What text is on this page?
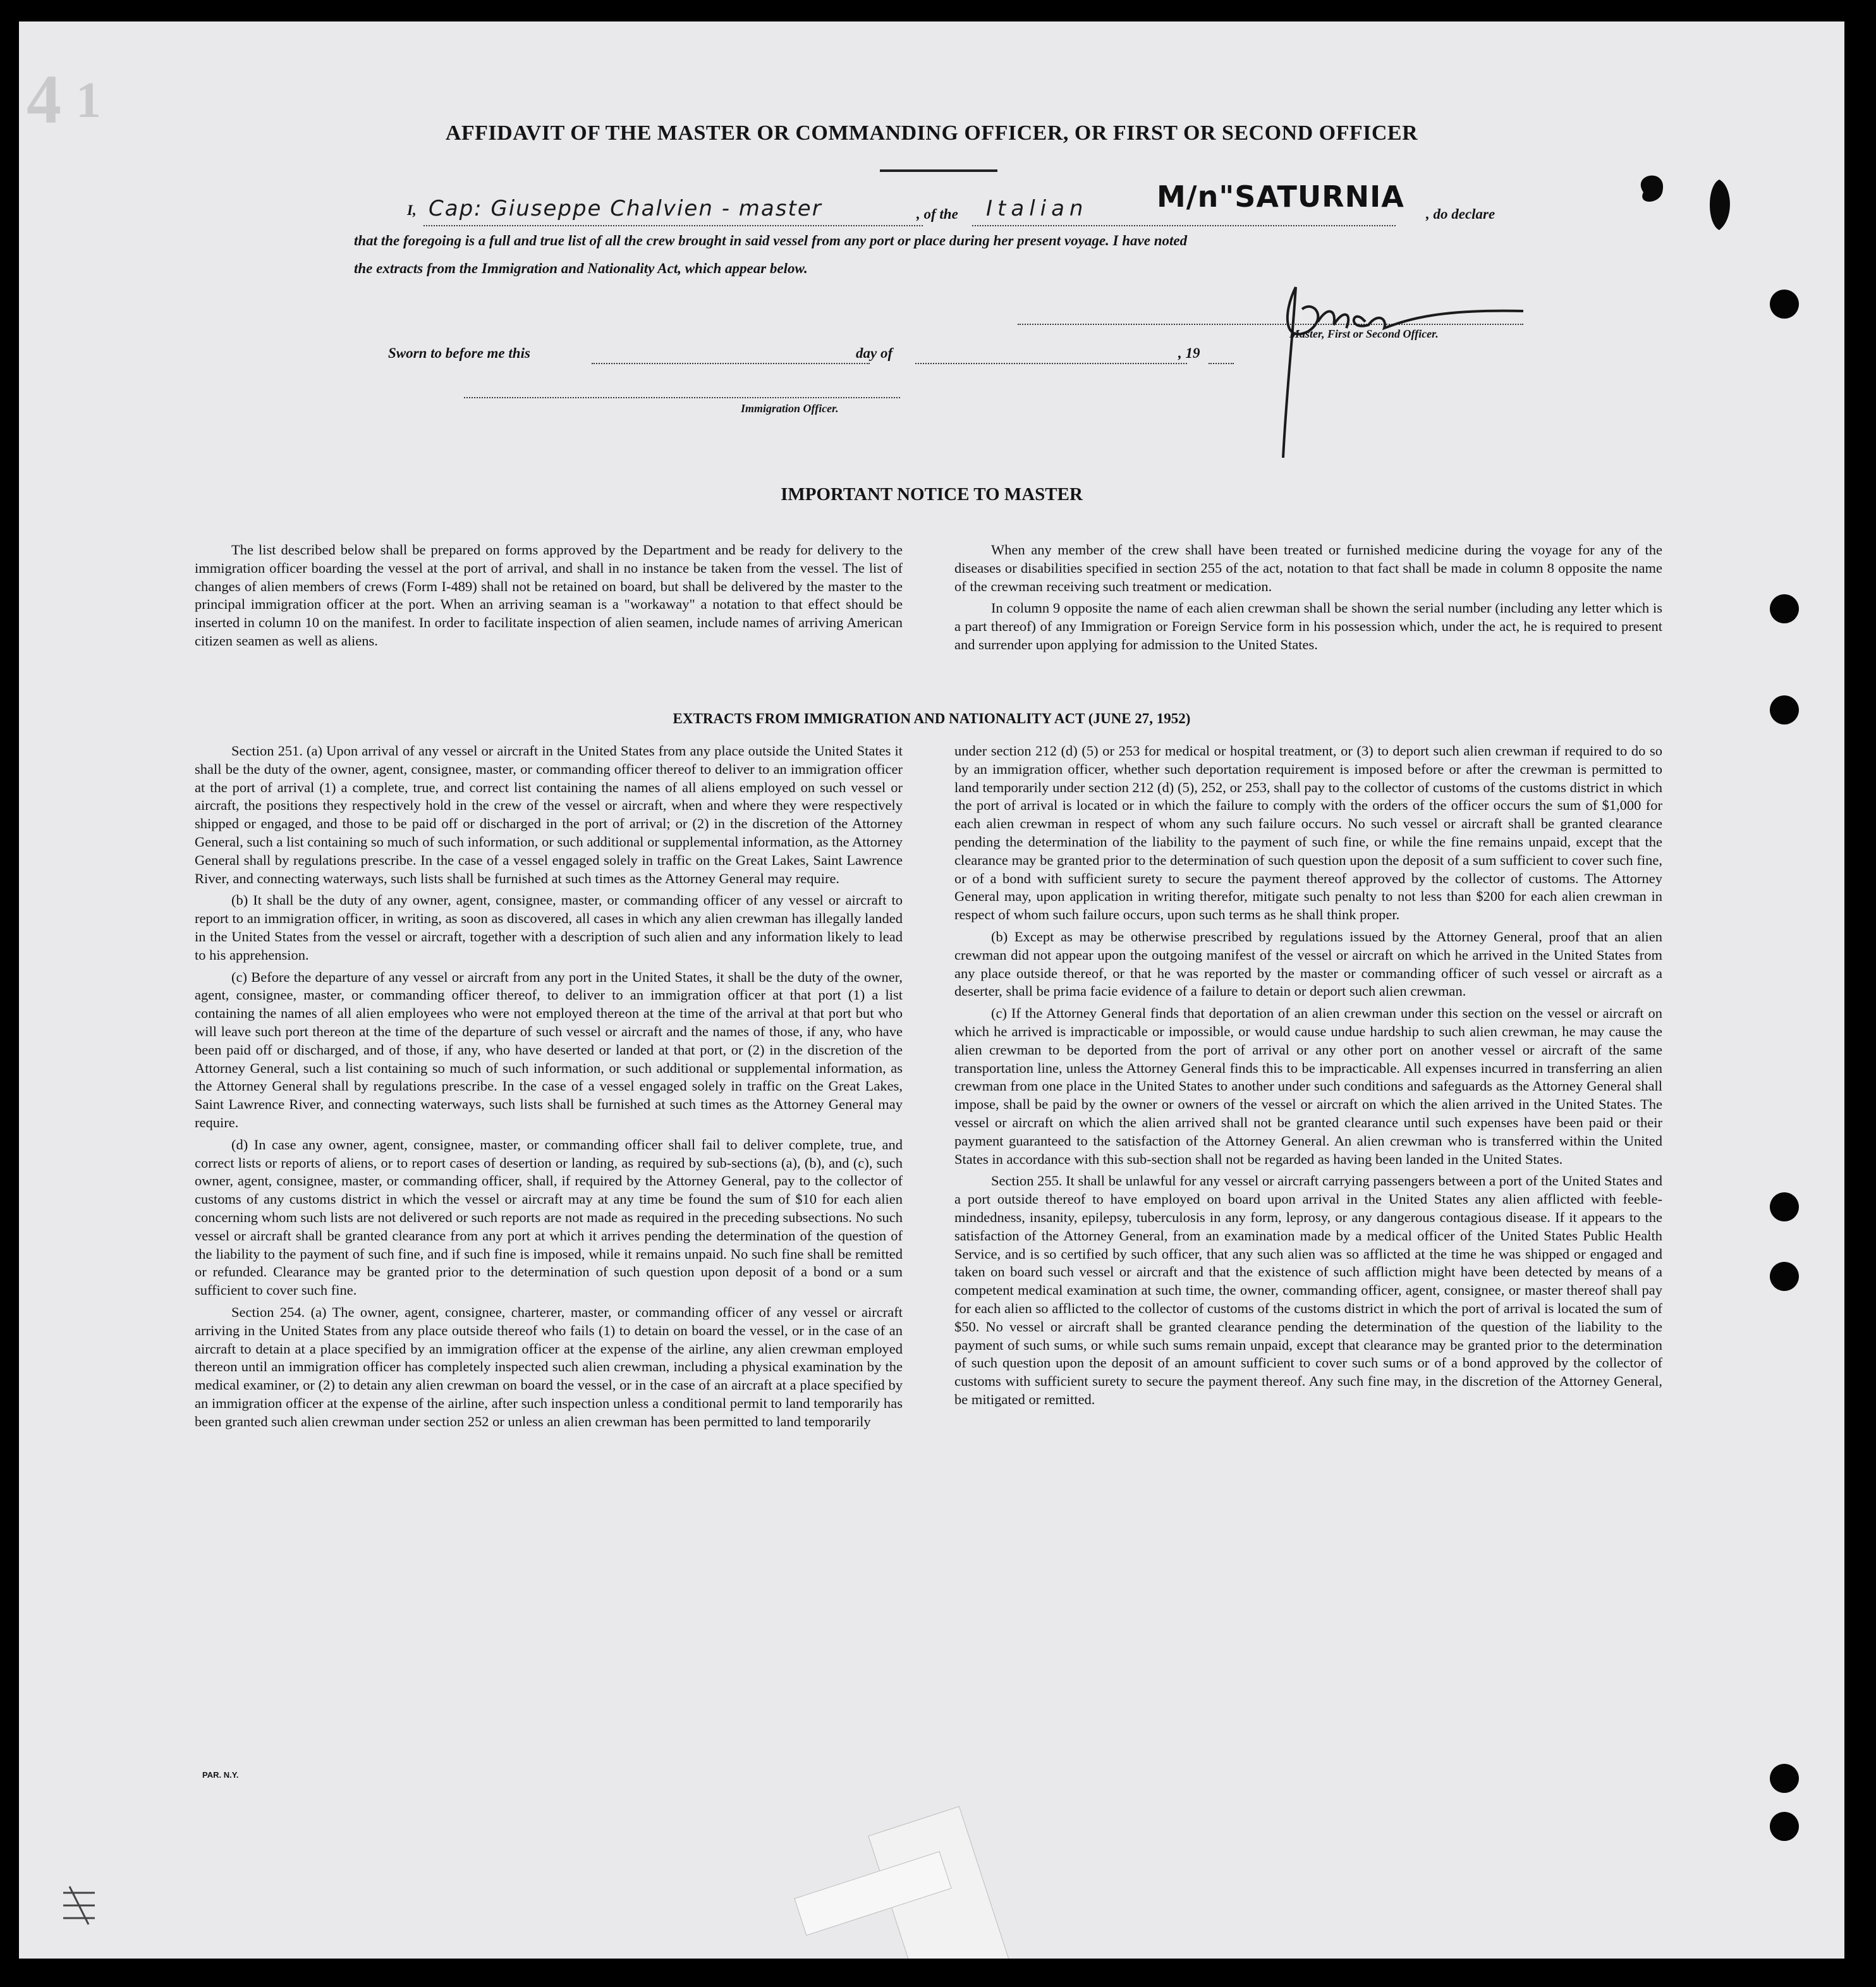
4 1
AFFIDAVIT OF THE MASTER OR COMMANDING OFFICER, OR FIRST OR SECOND OFFICER
I, Cap: Giuseppe Chalvien - master	, of the Italian M/n"SATURNIA
, do declare
that the foregoing is a full and true list of all the crew brought in said vessel from any port or place during her present voyage. I have noted
the extracts from the Immigration and Nationality Act, which appear below.
Master, First or Second Officer.
Sworn to before me this	day of	, 19
Immigration Officer.
IMPORTANT NOTICE TO MASTER

The list described below shall be prepared on forms approved by the Department and be ready for delivery to the immigration officer boarding the vessel at the port of arrival, and shall in no instance be taken from the vessel. The list of changes of alien members of crews (Form I-489) shall not be retained on board, but shall be delivered by the master to the principal immigration officer at the port. When an arriving seaman is a "workaway" a notation to that effect should be inserted in column 10 on the manifest. In order to facilitate inspection of alien seamen, include names of arriving American citizen seamen as well as aliens.

When any member of the crew shall have been treated or furnished medicine during the voyage for any of the diseases or disabilities specified in section 255 of the act, notation to that fact shall be made in column 8 opposite the name of the crewman receiving such treatment or medication.

In column 9 opposite the name of each alien crewman shall be shown the serial number (including any letter which is a part thereof) of any Immigration or Foreign Service form in his possession which, under the act, he is required to present and surrender upon applying for admission to the United States.

EXTRACTS FROM IMMIGRATION AND NATIONALITY ACT (JUNE 27, 1952)

Section 251. (a) Upon arrival of any vessel or aircraft in the United States from any place outside the United States it shall be the duty of the owner, agent, consignee, master, or commanding officer thereof to deliver to an immigration officer at the port of arrival (1) a complete, true, and correct list containing the names of all aliens employed on such vessel or aircraft, the positions they respectively hold in the crew of the vessel or aircraft, when and where they were respectively shipped or engaged, and those to be paid off or discharged in the port of arrival; or (2) in the discretion of the Attorney General, such a list containing so much of such information, or such additional or supplemental information, as the Attorney General shall by regulations prescribe. In the case of a vessel engaged solely in traffic on the Great Lakes, Saint Lawrence River, and connecting waterways, such lists shall be furnished at such times as the Attorney General may require.

(b) It shall be the duty of any owner, agent, consignee, master, or commanding officer of any vessel or aircraft to report to an immigration officer, in writing, as soon as discovered, all cases in which any alien crewman has illegally landed in the United States from the vessel or aircraft, together with a description of such alien and any information likely to lead to his apprehension.

(c) Before the departure of any vessel or aircraft from any port in the United States, it shall be the duty of the owner, agent, consignee, master, or commanding officer thereof, to deliver to an immigration officer at that port (1) a list containing the names of all alien employees who were not employed thereon at the time of the arrival at that port but who will leave such port thereon at the time of the departure of such vessel or aircraft and the names of those, if any, who have been paid off or discharged, and of those, if any, who have deserted or landed at that port, or (2) in the discretion of the Attorney General, such a list containing so much of such information, or such additional or supplemental information, as the Attorney General shall by regulations prescribe. In the case of a vessel engaged solely in traffic on the Great Lakes, Saint Lawrence River, and connecting waterways, such lists shall be furnished at such times as the Attorney General may require.

(d) In case any owner, agent, consignee, master, or commanding officer shall fail to deliver complete, true, and correct lists or reports of aliens, or to report cases of desertion or landing, as required by sub-sections (a), (b), and (c), such owner, agent, consignee, master, or commanding officer, shall, if required by the Attorney General, pay to the collector of customs of any customs district in which the vessel or aircraft may at any time be found the sum of $10 for each alien concerning whom such lists are not delivered or such reports are not made as required in the preceding subsections. No such vessel or aircraft shall be granted clearance from any port at which it arrives pending the determination of the question of the liability to the payment of such fine, and if such fine is imposed, while it remains unpaid. No such fine shall be remitted or refunded. Clearance may be granted prior to the determination of such question upon deposit of a bond or a sum sufficient to cover such fine.

Section 254. (a) The owner, agent, consignee, charterer, master, or commanding officer of any vessel or aircraft arriving in the United States from any place outside thereof who fails (1) to detain on board the vessel, or in the case of an aircraft to detain at a place specified by an immigration officer at the expense of the airline, any alien crewman employed thereon until an immigration officer has completely inspected such alien crewman, including a physical examination by the medical examiner, or (2) to detain any alien crewman on board the vessel, or in the case of an aircraft at a place specified by an immigration officer at the expense of the airline, after such inspection unless a conditional permit to land temporarily has been granted such alien crewman under section 252 or unless an alien crewman has been permitted to land temporarily

under section 212 (d) (5) or 253 for medical or hospital treatment, or (3) to deport such alien crewman if required to do so by an immigration officer, whether such deportation requirement is imposed before or after the crewman is permitted to land temporarily under section 212 (d) (5), 252, or 253, shall pay to the collector of customs of the customs district in which the port of arrival is located or in which the failure to comply with the orders of the officer occurs the sum of $1,000 for each alien crewman in respect of whom any such failure occurs. No such vessel or aircraft shall be granted clearance pending the determination of the liability to the payment of such fine, or while the fine remains unpaid, except that the clearance may be granted prior to the determination of such question upon the deposit of a sum sufficient to cover such fine, or of a bond with sufficient surety to secure the payment thereof approved by the collector of customs. The Attorney General may, upon application in writing therefor, mitigate such penalty to not less than $200 for each alien crewman in respect of whom such failure occurs, upon such terms as he shall think proper.

(b) Except as may be otherwise prescribed by regulations issued by the Attorney General, proof that an alien crewman did not appear upon the outgoing manifest of the vessel or aircraft on which he arrived in the United States from any place outside thereof, or that he was reported by the master or commanding officer of such vessel or aircraft as a deserter, shall be prima facie evidence of a failure to detain or deport such alien crewman.

(c) If the Attorney General finds that deportation of an alien crewman under this section on the vessel or aircraft on which he arrived is impracticable or impossible, or would cause undue hardship to such alien crewman, he may cause the alien crewman to be deported from the port of arrival or any other port on another vessel or aircraft of the same transportation line, unless the Attorney General finds this to be impracticable. All expenses incurred in transferring an alien crewman from one place in the United States to another under such conditions and safeguards as the Attorney General shall impose, shall be paid by the owner or owners of the vessel or aircraft on which the alien arrived in the United States. The vessel or aircraft on which the alien arrived shall not be granted clearance until such expenses have been paid or their payment guaranteed to the satisfaction of the Attorney General. An alien crewman who is transferred within the United States in accordance with this sub-section shall not be regarded as having been landed in the United States.

Section 255. It shall be unlawful for any vessel or aircraft carrying passengers between a port of the United States and a port outside thereof to have employed on board upon arrival in the United States any alien afflicted with feeble-mindedness, insanity, epilepsy, tuberculosis in any form, leprosy, or any dangerous contagious disease. If it appears to the satisfaction of the Attorney General, from an examination made by a medical officer of the United States Public Health Service, and is so certified by such officer, that any such alien was so afflicted at the time he was shipped or engaged and taken on board such vessel or aircraft and that the existence of such affliction might have been detected by means of a competent medical examination at such time, the owner, commanding officer, agent, consignee, or master thereof shall pay for each alien so afflicted to the collector of customs of the customs district in which the port of arrival is located the sum of $50. No vessel or aircraft shall be granted clearance pending the determination of the question of the liability to the payment of such sums, or while such sums remain unpaid, except that clearance may be granted prior to the determination of such question upon the deposit of an amount sufficient to cover such sums or of a bond approved by the collector of customs with sufficient surety to secure the payment thereof. Any such fine may, in the discretion of the Attorney General, be mitigated or remitted.

PAR. N.Y.
